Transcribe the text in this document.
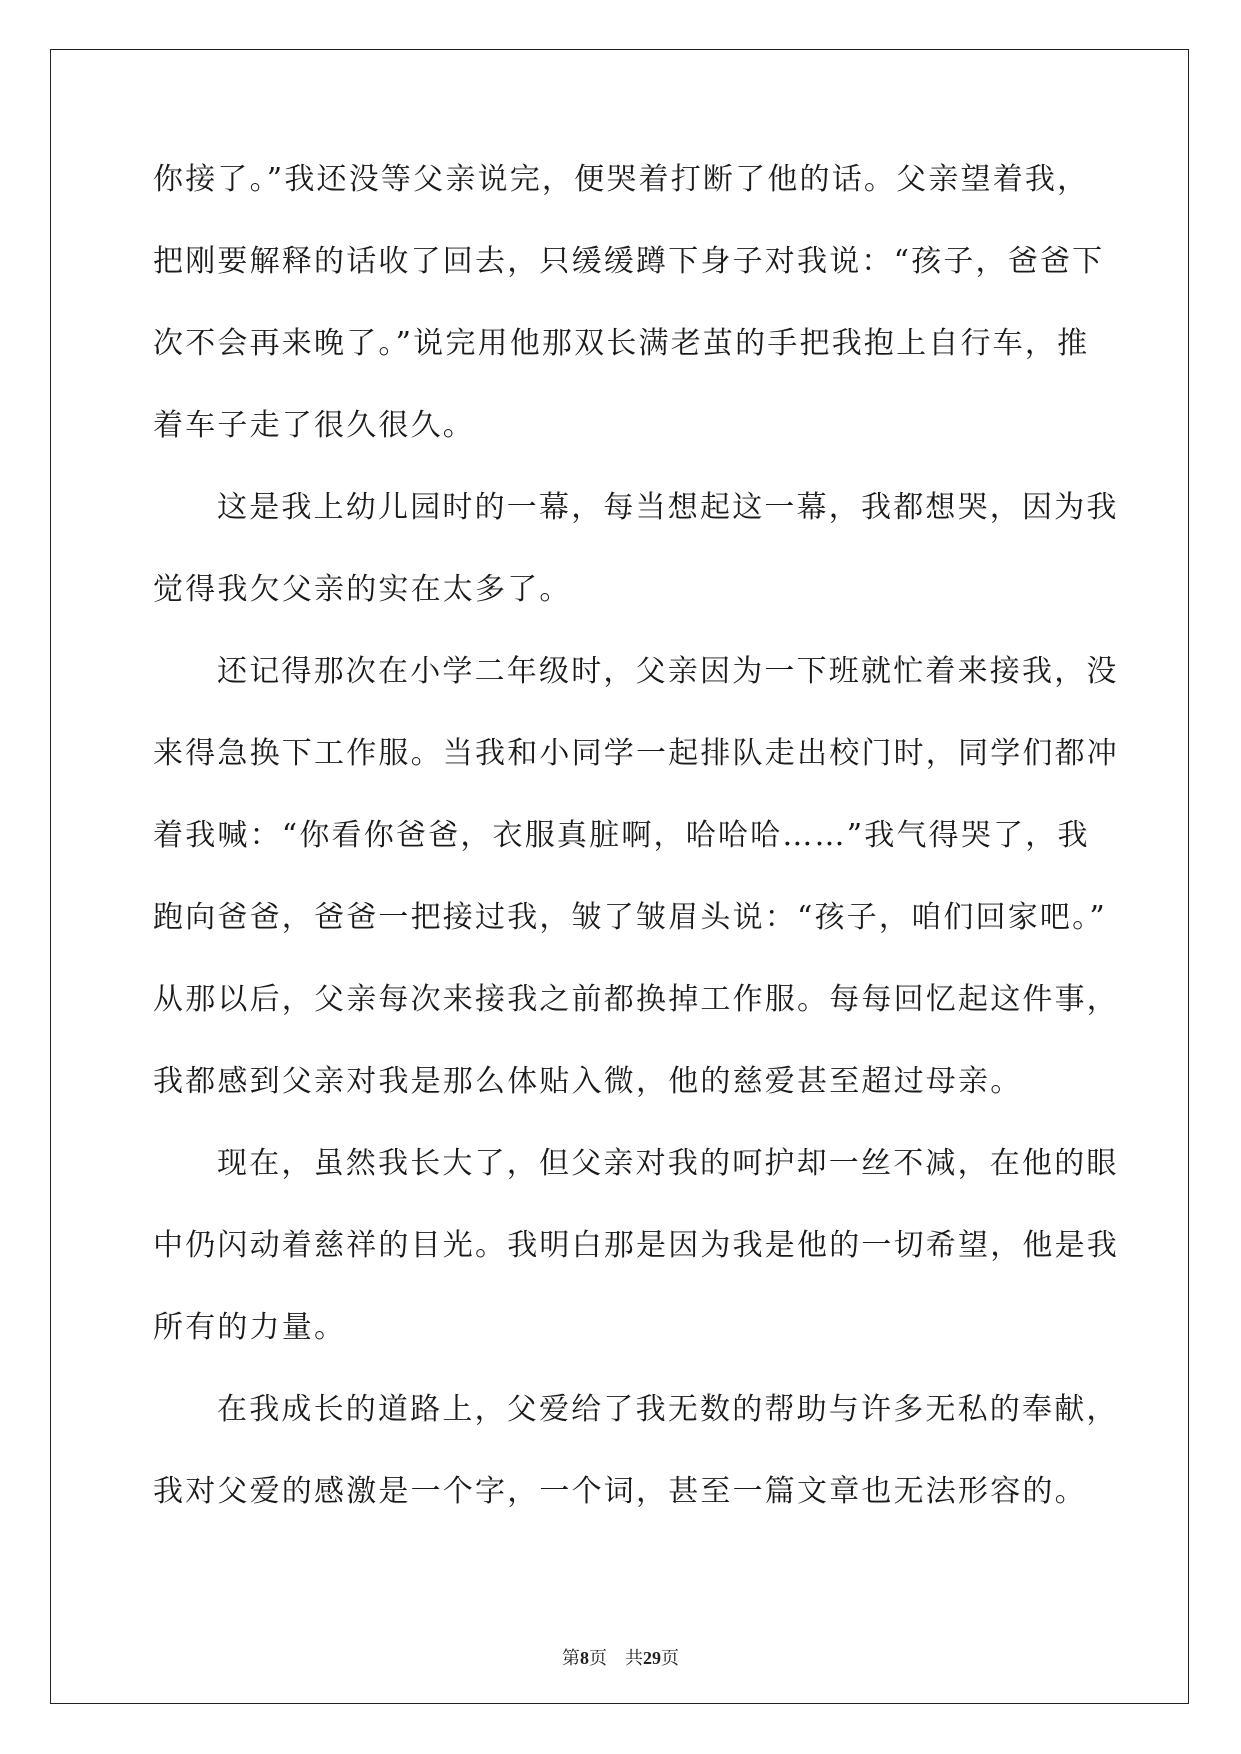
你接了。”我还没等父亲说完，便哭着打断了他的话。父亲望着我，
把刚要解释的话收了回去，只缓缓蹲下身子对我说：“孩子，爸爸下
次不会再来晚了。”说完用他那双长满老茧的手把我抱上自行车，推
着车子走了很久很久。
这是我上幼儿园时的一幕，每当想起这一幕，我都想哭，因为我
觉得我欠父亲的实在太多了。
还记得那次在小学二年级时，父亲因为一下班就忙着来接我，没
来得急换下工作服。当我和小同学一起排队走出校门时，同学们都冲
着我喊：“你看你爸爸，衣服真脏啊，哈哈哈……”我气得哭了，我
跑向爸爸，爸爸一把接过我，皱了皱眉头说：“孩子，咱们回家吧。”
从那以后，父亲每次来接我之前都换掉工作服。每每回忆起这件事，
我都感到父亲对我是那么体贴入微，他的慈爱甚至超过母亲。
现在，虽然我长大了，但父亲对我的呵护却一丝不减，在他的眼
中仍闪动着慈祥的目光。我明白那是因为我是他的一切希望，他是我
所有的力量。
在我成长的道路上，父爱给了我无数的帮助与许多无私的奉献，
我对父爱的感激是一个字，一个词，甚至一篇文章也无法形容的。
第8页 共29页
